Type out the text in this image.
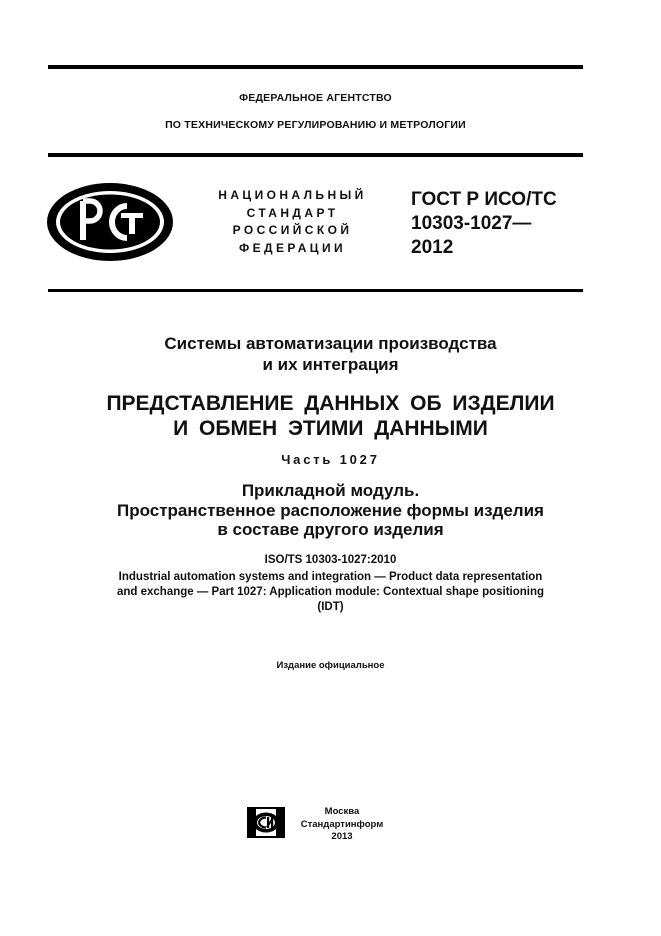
ФЕДЕРАЛЬНОЕ АГЕНТСТВО
ПО ТЕХНИЧЕСКОМУ РЕГУЛИРОВАНИЮ И МЕТРОЛОГИИ
НАЦИОНАЛЬНЫЙ
СТАНДАРТ
РОССИЙСКОЙ
ФЕДЕРАЦИИ
ГОСТ Р ИСО/ТС
10303-1027—
2012
Системы автоматизации производства
и их интеграция
ПРЕДСТАВЛЕНИЕ ДАННЫХ ОБ ИЗДЕЛИИ
И ОБМЕН ЭТИМИ ДАННЫМИ
Часть 1027
Прикладной модуль.
Пространственное расположение формы изделия
в составе другого изделия
ISO/TS 10303-1027:2010
Industrial automation systems and integration — Product data representation
and exchange — Part 1027: Application module: Contextual shape positioning
(IDT)
Издание официальное
Москва
Стандартинформ
2013
